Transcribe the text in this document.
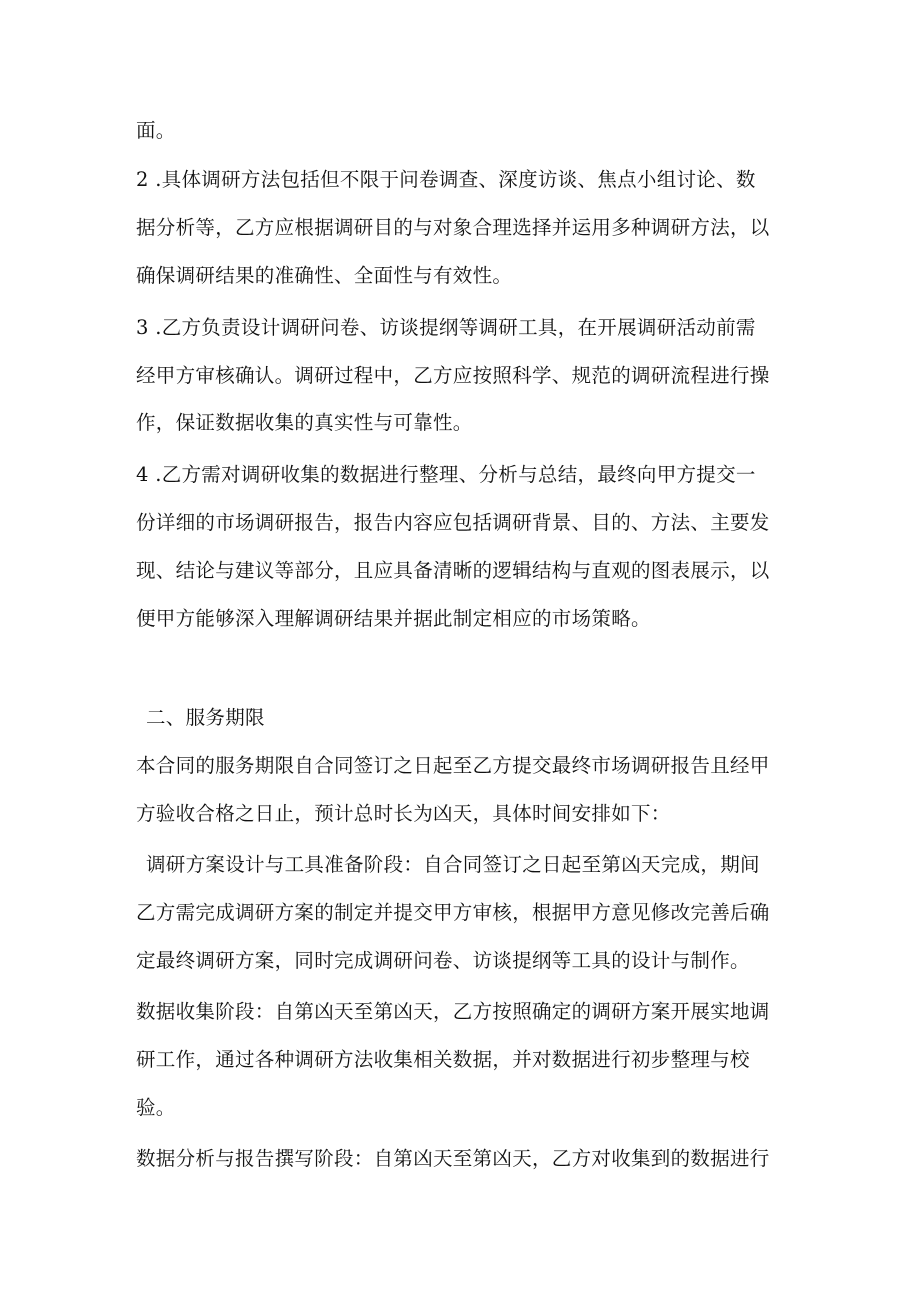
面。
2 .具体调研方法包括但不限于问卷调查、深度访谈、焦点小组讨论、数
据分析等，乙方应根据调研目的与对象合理选择并运用多种调研方法，以
确保调研结果的准确性、全面性与有效性。
3 .乙方负责设计调研问卷、访谈提纲等调研工具，在开展调研活动前需
经甲方审核确认。调研过程中，乙方应按照科学、规范的调研流程进行操
作，保证数据收集的真实性与可靠性。
4 .乙方需对调研收集的数据进行整理、分析与总结，最终向甲方提交一
份详细的市场调研报告，报告内容应包括调研背景、目的、方法、主要发
现、结论与建议等部分，且应具备清晰的逻辑结构与直观的图表展示，以
便甲方能够深入理解调研结果并据此制定相应的市场策略。
二、服务期限
本合同的服务期限自合同签订之日起至乙方提交最终市场调研报告且经甲
方验收合格之日止，预计总时长为凶天，具体时间安排如下：
调研方案设计与工具准备阶段：自合同签订之日起至第凶天完成，期间
乙方需完成调研方案的制定并提交甲方审核，根据甲方意见修改完善后确
定最终调研方案，同时完成调研问卷、访谈提纲等工具的设计与制作。
数据收集阶段：自第凶天至第凶天，乙方按照确定的调研方案开展实地调
研工作，通过各种调研方法收集相关数据，并对数据进行初步整理与校
验。
数据分析与报告撰写阶段：自第凶天至第凶天，乙方对收集到的数据进行
